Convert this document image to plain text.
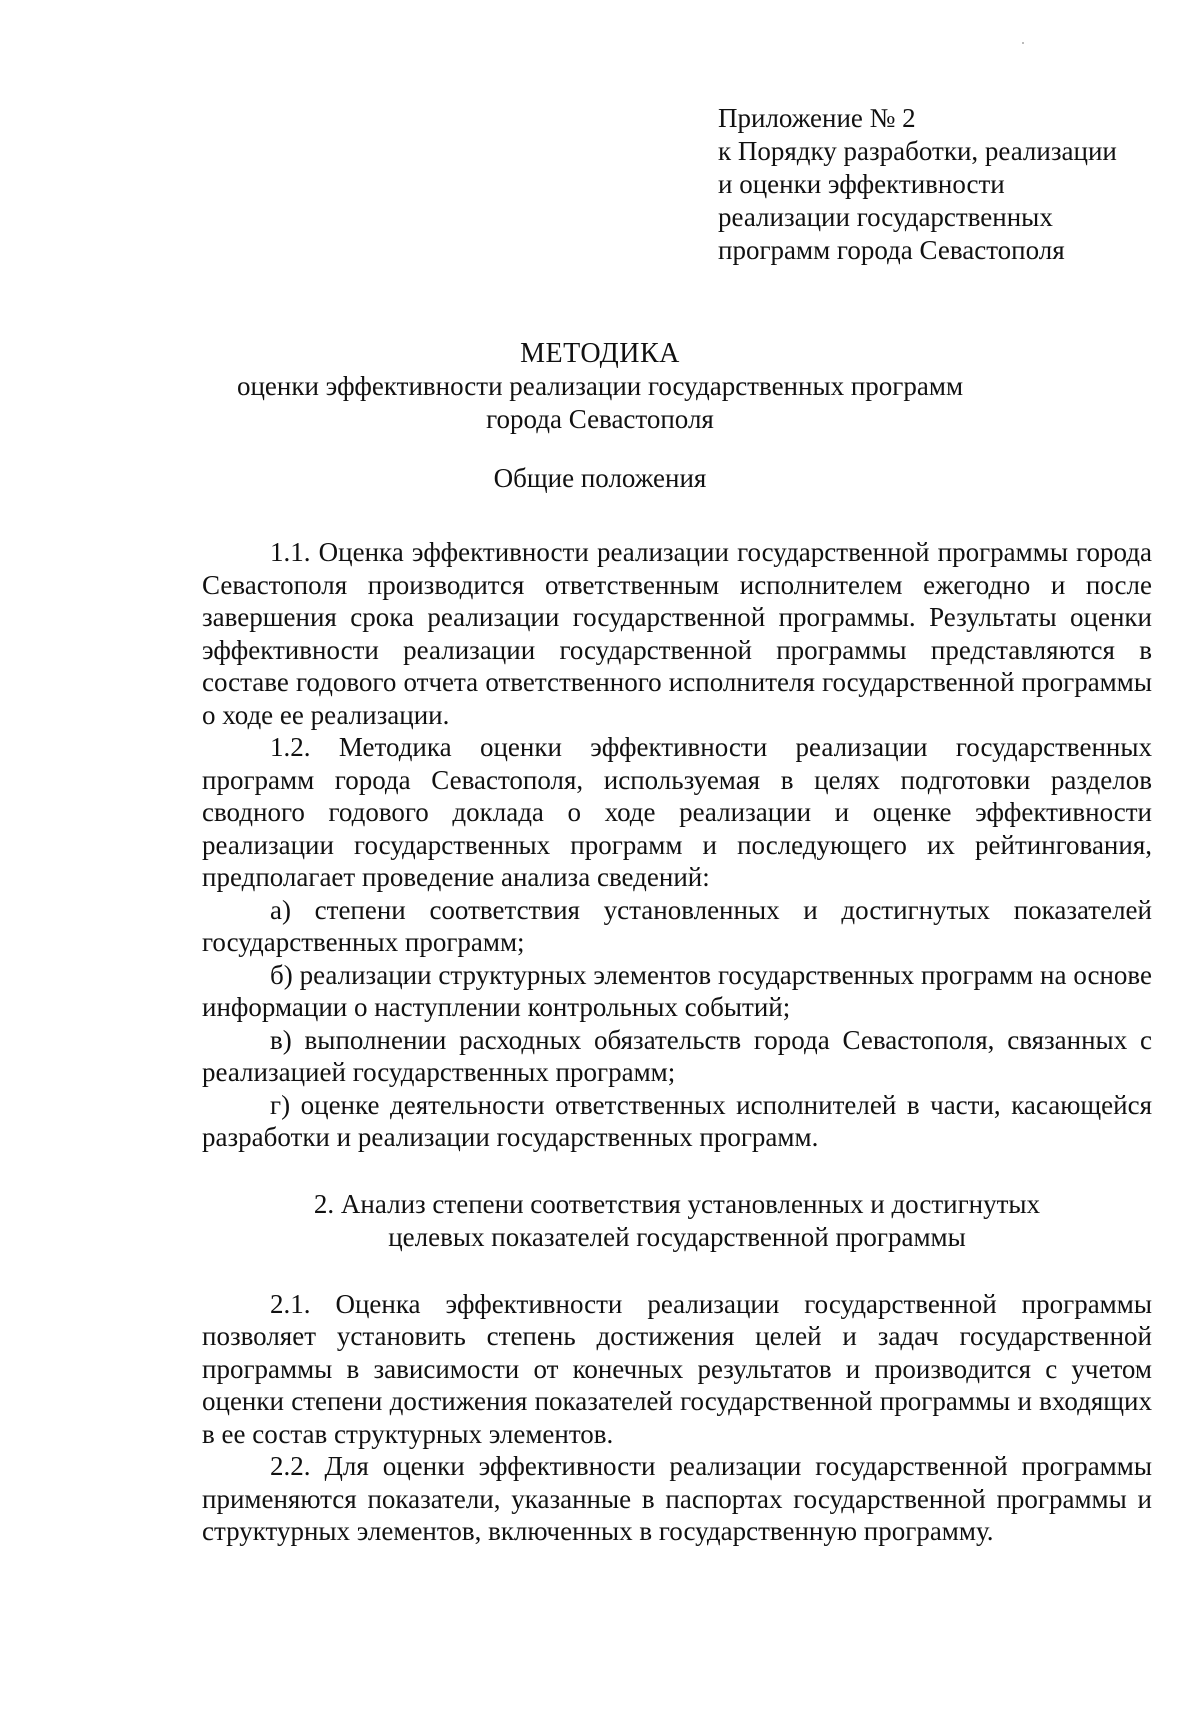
Приложение № 2
к Порядку разработки, реализации
и оценки эффективности
реализации государственных
программ города Севастополя
МЕТОДИКА
оценки эффективности реализации государственных программ
города Севастополя
Общие положения

1.1. Оценка эффективности реализации государственной программы города Севастополя производится ответственным исполнителем ежегодно и после завершения срока реализации государственной программы. Результаты оценки эффективности реализации государственной программы представляются в составе годового отчета ответственного исполнителя государственной программы о ходе ее реализации.

1.2. Методика оценки эффективности реализации государственных программ города Севастополя, используемая в целях подготовки разделов сводного годового доклада о ходе реализации и оценке эффективности реализации государственных программ и последующего их рейтингования, предполагает проведение анализа сведений:

а) степени соответствия установленных и достигнутых показателей государственных программ;

б) реализации структурных элементов государственных программ на основе информации о наступлении контрольных событий;

в) выполнении расходных обязательств города Севастополя, связанных с реализацией государственных программ;

г) оценке деятельности ответственных исполнителей в части, касающейся разработки и реализации государственных программ.

2. Анализ степени соответствия установленных и достигнутых
целевых показателей государственной программы

2.1. Оценка эффективности реализации государственной программы позволяет установить степень достижения целей и задач государственной программы в зависимости от конечных результатов и производится с учетом оценки степени достижения показателей государственной программы и входящих в ее состав структурных элементов.

2.2. Для оценки эффективности реализации государственной программы применяются показатели, указанные в паспортах государственной программы и структурных элементов, включенных в государственную программу.
